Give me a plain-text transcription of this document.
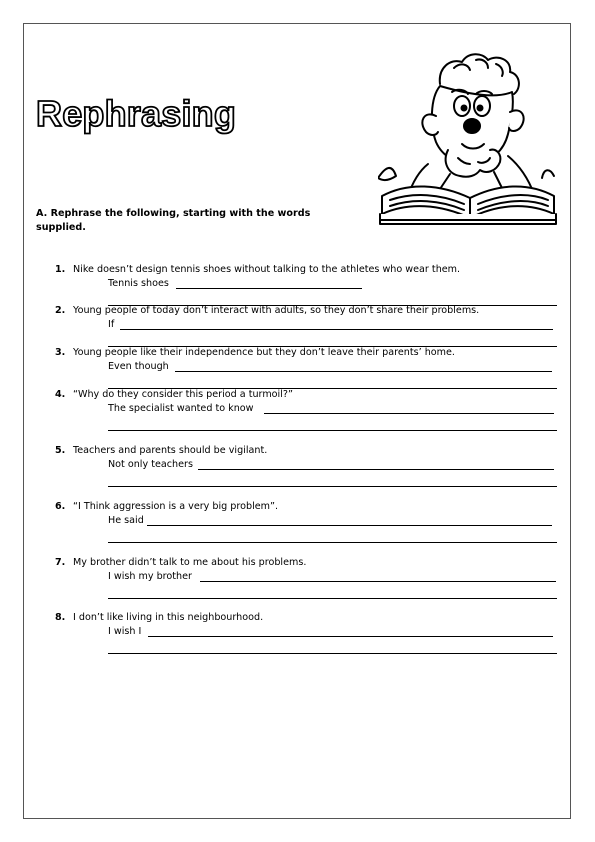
Rephrasing

A. Rephrase the following, starting with the words supplied.

1. Nike doesn’t design tennis shoes without talking to the athletes who wear them.
Tennis shoes
2. Young people of today don’t interact with adults, so they don’t share their problems.
If
3. Young people like their independence but they don’t leave their parents’ home.
Even though
4. “Why do they consider this period a turmoil?”
The specialist wanted to know
5. Teachers and parents should be vigilant.
Not only teachers
6. “I Think aggression is a very big problem”.
He said
7. My brother didn’t talk to me about his problems.
I wish my brother
8. I don’t like living in this neighbourhood.
I wish I
